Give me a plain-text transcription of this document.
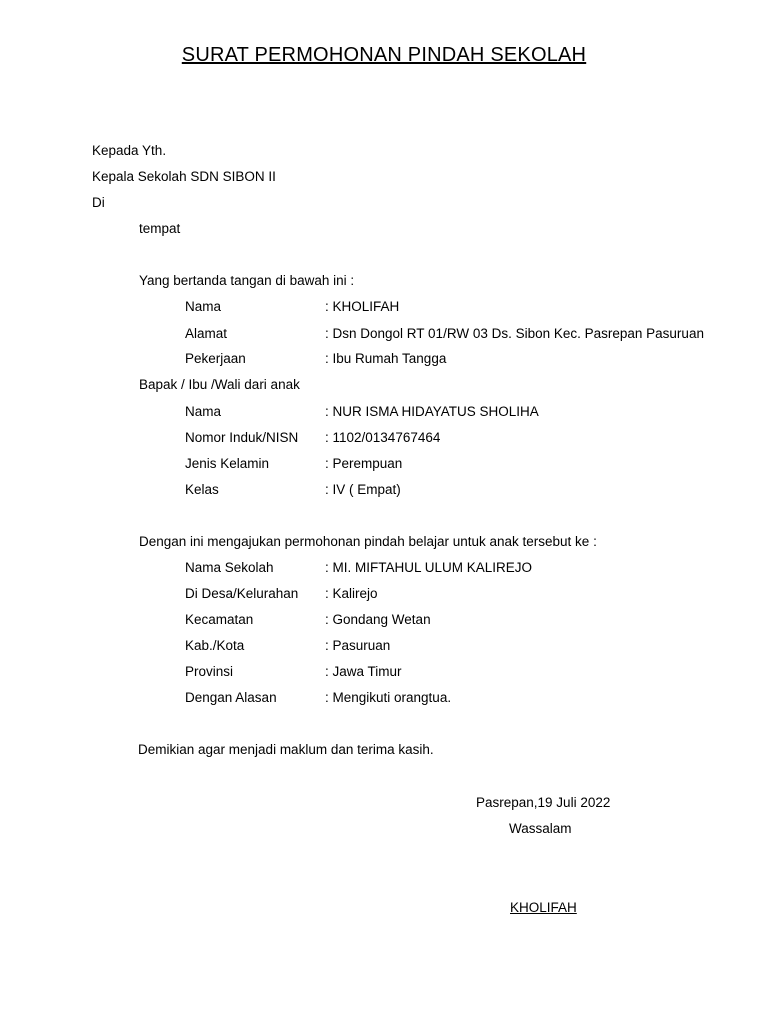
SURAT PERMOHONAN PINDAH SEKOLAH
Kepada Yth.
Kepala Sekolah SDN SIBON II
Di
tempat
Yang bertanda tangan di bawah ini :
Nama	: KHOLIFAH
Alamat	: Dsn Dongol RT 01/RW 03 Ds. Sibon Kec. Pasrepan Pasuruan
Pekerjaan	: Ibu Rumah Tangga
Bapak / Ibu /Wali dari anak
Nama	: NUR ISMA HIDAYATUS SHOLIHA
Nomor Induk/NISN : 1102/0134767464
Jenis Kelamin	: Perempuan
Kelas	: IV ( Empat)
Dengan ini mengajukan permohonan pindah belajar untuk anak tersebut ke :
Nama Sekolah	: MI. MIFTAHUL ULUM KALIREJO
Di Desa/Kelurahan : Kalirejo
Kecamatan	: Gondang Wetan
Kab./Kota	: Pasuruan
Provinsi	: Jawa Timur
Dengan Alasan	: Mengikuti orangtua.
Demikian agar menjadi maklum dan terima kasih.
Pasrepan,19 Juli 2022
Wassalam
KHOLIFAH
